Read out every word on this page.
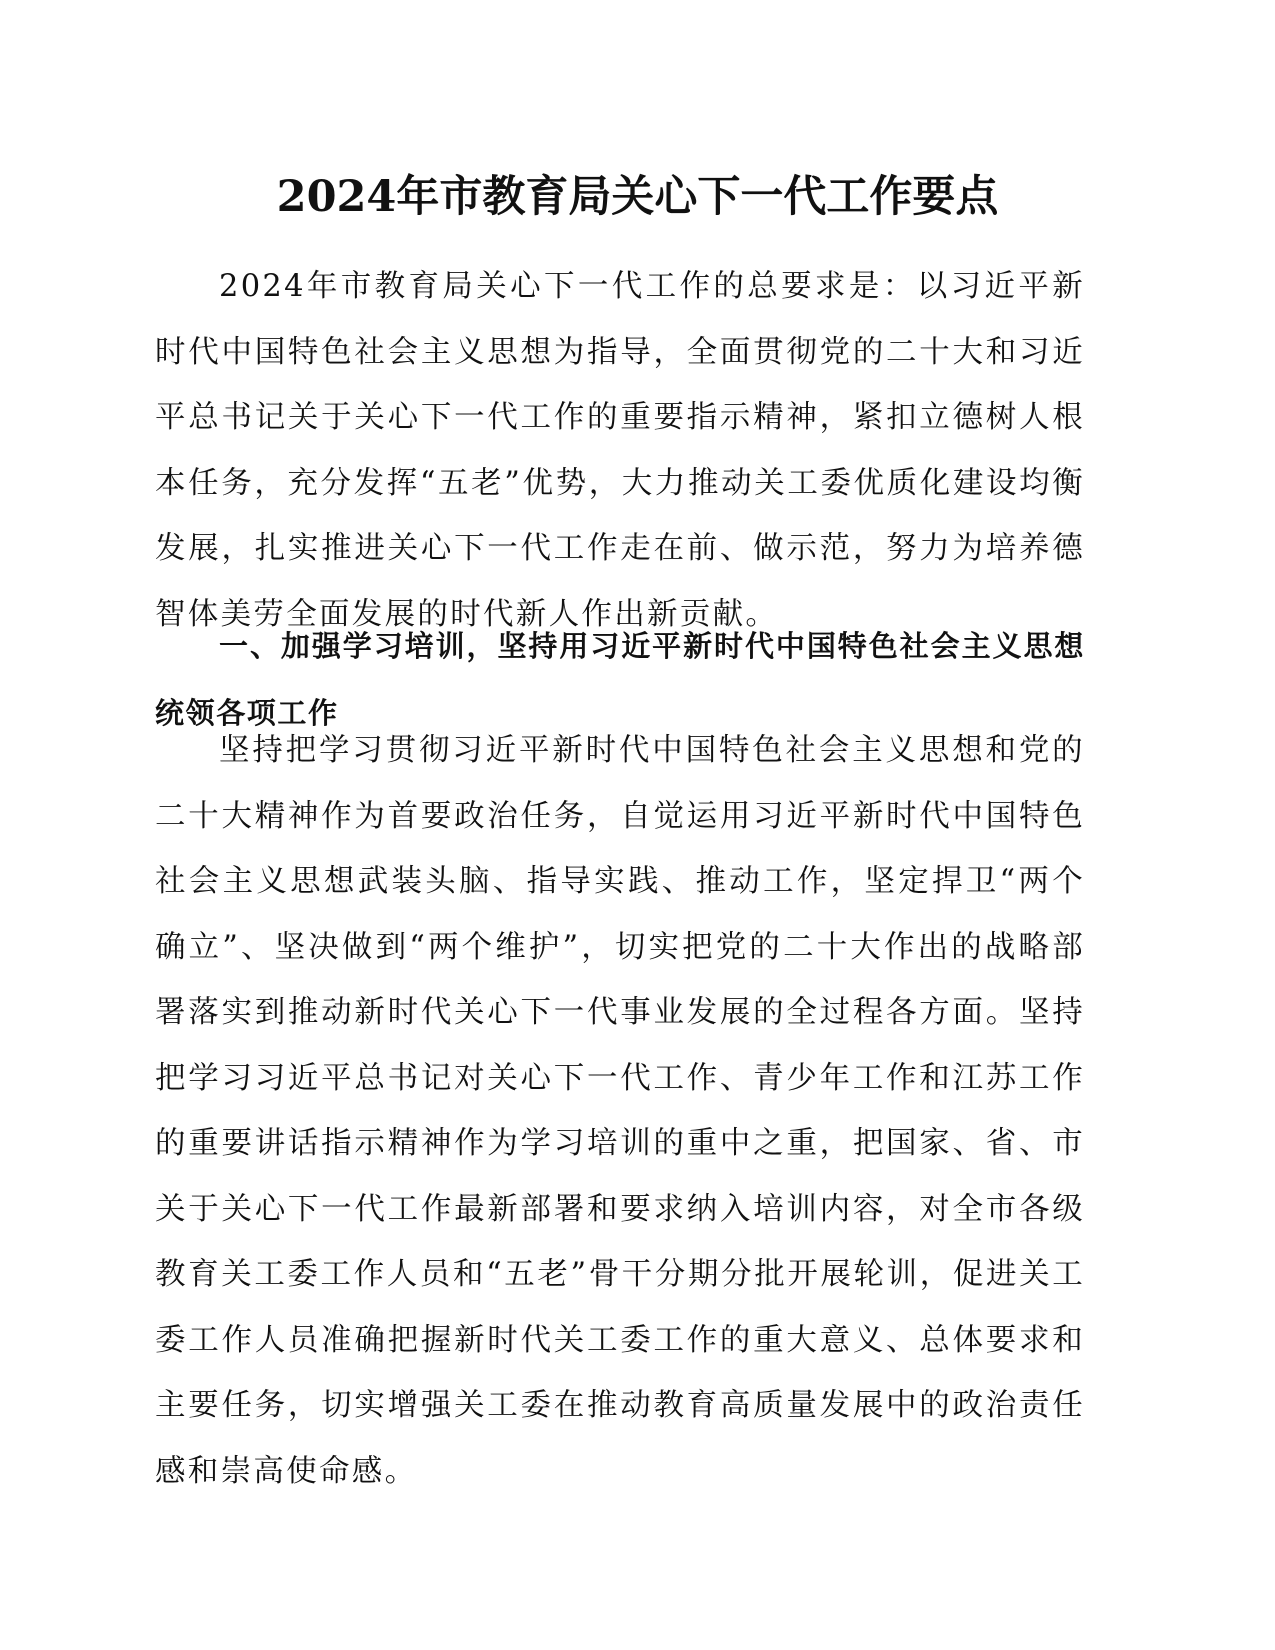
2024年市教育局关心下一代工作要点

2024年市教育局关心下一代工作的总要求是：以习近平新时代中国特色社会主义思想为指导，全面贯彻党的二十大和习近平总书记关于关心下一代工作的重要指示精神，紧扣立德树人根本任务，充分发挥“五老”优势，大力推动关工委优质化建设均衡发展，扎实推进关心下一代工作走在前、做示范，努力为培养德智体美劳全面发展的时代新人作出新贡献。

一、加强学习培训，坚持用习近平新时代中国特色社会主义思想统领各项工作

坚持把学习贯彻习近平新时代中国特色社会主义思想和党的二十大精神作为首要政治任务，自觉运用习近平新时代中国特色社会主义思想武装头脑、指导实践、推动工作，坚定捍卫“两个确立”、坚决做到“两个维护”，切实把党的二十大作出的战略部署落实到推动新时代关心下一代事业发展的全过程各方面。坚持把学习习近平总书记对关心下一代工作、青少年工作和江苏工作的重要讲话指示精神作为学习培训的重中之重，把国家、省、市关于关心下一代工作最新部署和要求纳入培训内容，对全市各级教育关工委工作人员和“五老”骨干分期分批开展轮训，促进关工委工作人员准确把握新时代关工委工作的重大意义、总体要求和主要任务，切实增强关工委在推动教育高质量发展中的政治责任感和崇高使命感。
